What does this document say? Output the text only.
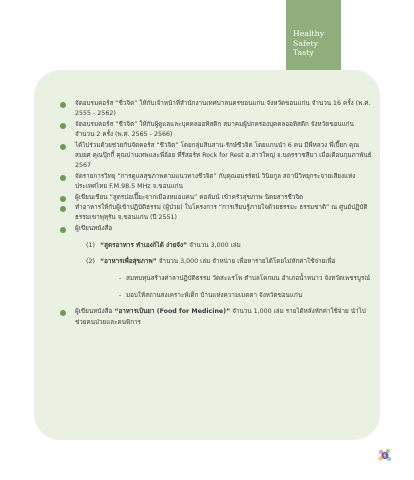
Healthy
Safety
Tasty

จัดอบรมคอร์ส “ชีวจิต” ให้กับเจ้าหน้าที่สำนักงานเทศบาลนครขอนแก่น จังหวัดขอนแก่น จำนวน 16 ครั้ง (พ.ศ. 2555 - 2562)

จัดอบรมคอร์ส “ชีวจิต” ให้กับผู้ดูแลและบุคคลออทิสติก สมาคมผู้ปกครองบุคคลออทิสติก จังหวัดขอนแก่น จำนวน 2 ครั้ง (พ.ศ. 2565 - 2566)

ได้ไปร่วมด้วยช่วยกันจัดคอร์ส “ชีวจิต” โดยกลุ่มสินสาน-รักษ์ชีวจิต โดยแกนนำ 6 คน มีพี่หลวง พี่เปี๊ยก คุณสมยศ คุณปุ๊กกี้ คุณปานเทพและพี่อ้อย ที่รีสอร์ท Rock for Rest อ.สาวใหญ่ จ.นครราชสีมา เมื่อเดือนกุมภาพันธ์ 2567

จัดรายการวิทยุ “การดูแลสุขภาพตามแนวทางชีวจิต” กับคุณอมรรัตน์ วินิยกูล สถานีวิทยุกระจายเสียงแห่งประเทศไทย F.M.98.5 MHz จ.ขอนแก่น

ผู้เขียนเขียน “สูตรปอเปี๊ยะจากเมืองหมอแคน” คอลัมน์ เข้าครัวสุขภาพ นิตยสารชีวจิต

ทำอาหารให้กับผู้เข้าปฏิบัติธรรม (ผู้ป่วย) ในโครงการ “การเรียนรู้ภายใจด้วยธรรมะ ธรรมชาติ” ณ ศูนย์ปฏิบัติธรรมเขาพุหุรัน จ.ขอนแก่น (ปี 2551)

ผู้เขียนหนังสือ

(1) “สูตรอาหาร ทำเองก็ได้ ง่ายจัง” จำนวน 3,000 เล่ม

(2) “อาหารเพื่อสุขภาพ” จำนวน 3,000 เล่ม จำหน่าย เพื่อหารายได้โดยไม่หักค่าใช้จ่ายเพื่อ

- สมทบทุนสร้างศาลาปฏิบัติธรรม วัดสะแรโพ ตำบลโคกมน อำเภอน้ำหนาว จังหวัดเพชรบูรณ์

- มอบให้สถานสงเคราะห์เด็ก บ้านแห่งความเมตตา จังหวัดขอนแก่น

ผู้เขียนหนังสือ “อาหารเป็นยา (Food for Medicine)” จำนวน 1,000 เล่ม รายได้หลังหักค่าใช้จ่าย นำไปช่วยคนป่วยและคนพิการ

6
